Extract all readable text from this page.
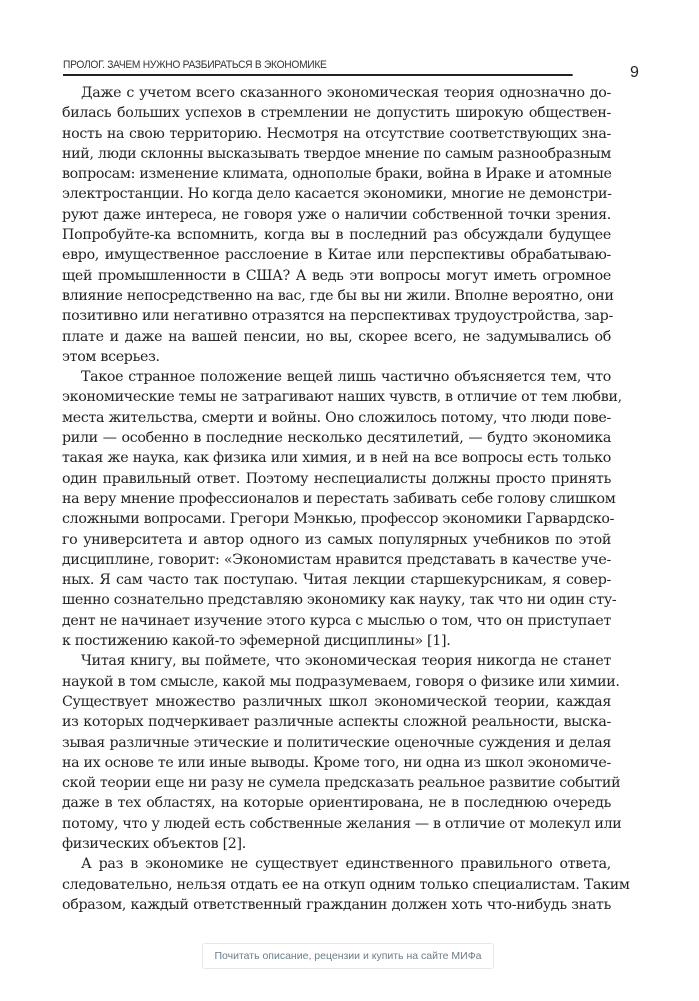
ПРОЛОГ. ЗАЧЕМ НУЖНО РАЗБИРАТЬСЯ В ЭКОНОМИКЕ	9
Даже с учетом всего сказанного экономическая теория однозначно до-
билась больших успехов в стремлении не допустить широкую обществен-
ность на свою территорию. Несмотря на отсутствие соответствующих зна-
ний, люди склонны высказывать твердое мнение по самым разнообразным
вопросам: изменение климата, однополые браки, война в Ираке и атомные
электростанции. Но когда дело касается экономики, многие не демонстри-
руют даже интереса, не говоря уже о наличии собственной точки зрения.
Попробуйте-ка вспомнить, когда вы в последний раз обсуждали будущее
евро, имущественное расслоение в Китае или перспективы обрабатываю-
щей промышленности в США? А ведь эти вопросы могут иметь огромное
влияние непосредственно на вас, где бы вы ни жили. Вполне вероятно, они
позитивно или негативно отразятся на перспективах трудоустройства, зар-
плате и даже на вашей пенсии, но вы, скорее всего, не задумывались об
этом всерьез.
Такое странное положение вещей лишь частично объясняется тем, что
экономические темы не затрагивают наших чувств, в отличие от тем любви,
места жительства, смерти и войны. Оно сложилось потому, что люди пове-
рили — особенно в последние несколько десятилетий, — будто экономика
такая же наука, как физика или химия, и в ней на все вопросы есть только
один правильный ответ. Поэтому неспециалисты должны просто принять
на веру мнение профессионалов и перестать забивать себе голову слишком
сложными вопросами. Грегори Мэнкью, профессор экономики Гарвардско-
го университета и автор одного из самых популярных учебников по этой
дисциплине, говорит: «Экономистам нравится представать в качестве уче-
ных. Я сам часто так поступаю. Читая лекции старшекурсникам, я совер-
шенно сознательно представляю экономику как науку, так что ни один сту-
дент не начинает изучение этого курса с мыслью о том, что он приступает
к постижению какой-то эфемерной дисциплины» [1].
Читая книгу, вы поймете, что экономическая теория никогда не станет
наукой в том смысле, какой мы подразумеваем, говоря о физике или химии.
Существует множество различных школ экономической теории, каждая
из которых подчеркивает различные аспекты сложной реальности, выска-
зывая различные этические и политические оценочные суждения и делая
на их основе те или иные выводы. Кроме того, ни одна из школ экономиче-
ской теории еще ни разу не сумела предсказать реальное развитие событий
даже в тех областях, на которые ориентирована, не в последнюю очередь
потому, что у людей есть собственные желания — в отличие от молекул или
физических объектов [2].
А раз в экономике не существует единственного правильного ответа,
следовательно, нельзя отдать ее на откуп одним только специалистам. Таким
образом, каждый ответственный гражданин должен хоть что-нибудь знать
Почитать описание, рецензии и купить на сайте МИФа
